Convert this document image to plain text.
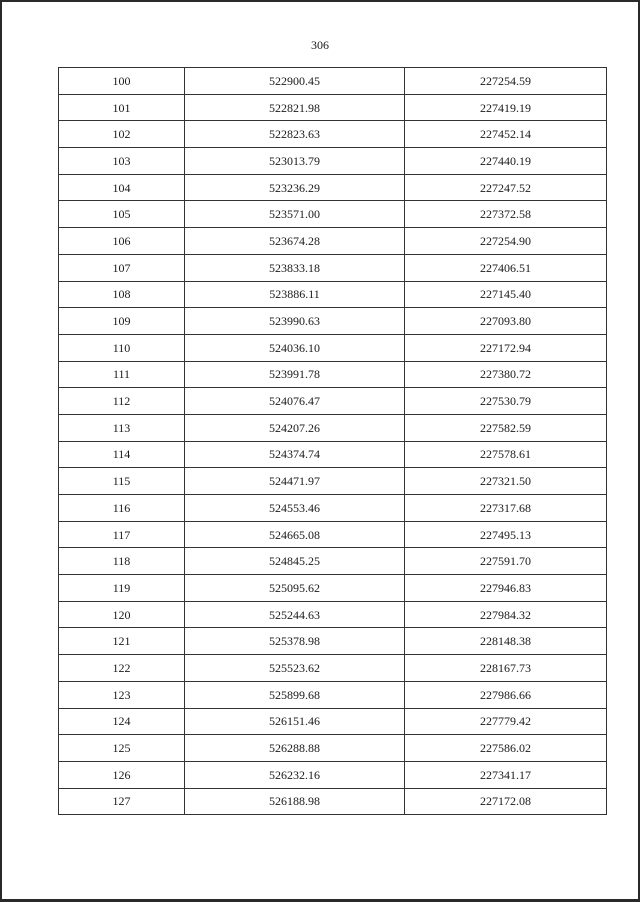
306
100	522900.45	227254.59
101	522821.98	227419.19
102	522823.63	227452.14
103	523013.79	227440.19
104	523236.29	227247.52
105	523571.00	227372.58
106	523674.28	227254.90
107	523833.18	227406.51
108	523886.11	227145.40
109	523990.63	227093.80
110	524036.10	227172.94
111	523991.78	227380.72
112	524076.47	227530.79
113	524207.26	227582.59
114	524374.74	227578.61
115	524471.97	227321.50
116	524553.46	227317.68
117	524665.08	227495.13
118	524845.25	227591.70
119	525095.62	227946.83
120	525244.63	227984.32
121	525378.98	228148.38
122	525523.62	228167.73
123	525899.68	227986.66
124	526151.46	227779.42
125	526288.88	227586.02
126	526232.16	227341.17
127	526188.98	227172.08
